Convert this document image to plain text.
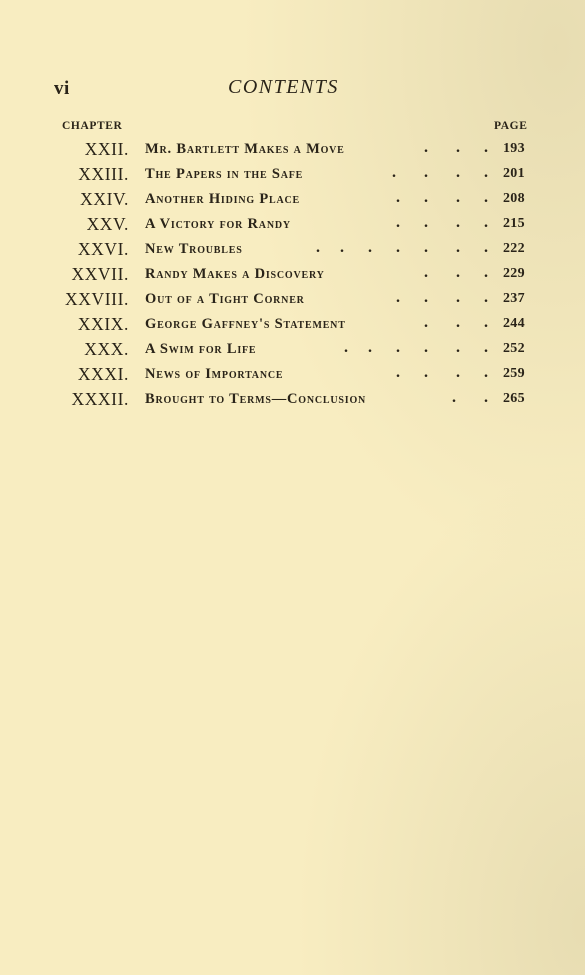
vi	CONTENTS
CHAPTER	PAGE
XXII. Mr. Bartlett Makes a Move	.       .      . 193
XXIII. The Papers in the Safe	.       .       .      . 201
XXIV. Another Hiding Place	.      .       .      . 208
XXV. A Victory for Randy	.      .       .      . 215
XXVI. New Troubles	.     .      .      .      .       .      . 222
XXVII. Randy Makes a Discovery	.       .      . 229
XXVIII. Out of a Tight Corner	.      .       .      . 237
XXIX. George Gaffney's Statement	.       .      . 244
XXX. A Swim for Life	.     .      .      .       .      . 252
XXXI. News of Importance	.      .       .      . 259
XXXII. Brought to Terms—Conclusion	.       . 265
